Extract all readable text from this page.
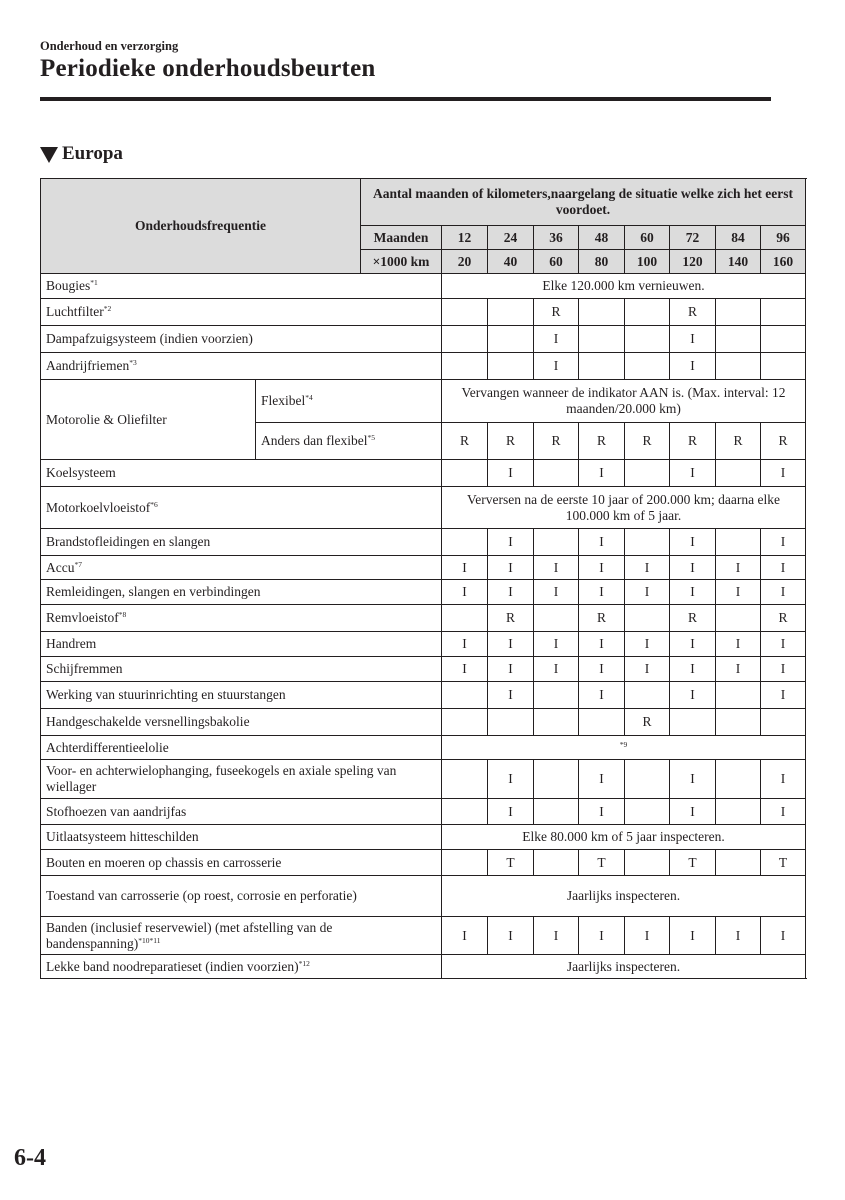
Onderhoud en verzorging
Periodieke onderhoudsbeurten
Europa
Onderhoudsfrequentie		Aantal maanden of kilometers,naargelang de situatie welke zich het eerst voordoet.									
		Maanden	12	24	36	48	60	72	84	96	
		×1000 km	20	40	60	80	100	120	140	160	
Bougies$^{*1}$			Elke 120.000 km vernieuwen.								
Luchtfilter$^{*2}$					R			R			
Dampafzuigsysteem (indien voorzien)					I			I			
Aandrijfriemen$^{*3}$					I			I			
Motorolie & Oliefilter	Flexibel$^{*4}$		Vervangen wanneer de indikator AAN is. (Max. interval: 12 maanden/20.000 km)								
	Anders dan flexibel$^{*5}$		R	R	R	R	R	R	R	R	
Koelsysteem				I		I		I		I	
Motorkoelvloeistof$^{*6}$			Verversen na de eerste 10 jaar of 200.000 km; daarna elke 100.000 km of 5 jaar.								
Brandstofleidingen en slangen				I		I		I		I	
Accu$^{*7}$			I	I	I	I	I	I	I	I	
Remleidingen, slangen en verbindingen			I	I	I	I	I	I	I	I	
Remvloeistof$^{*8}$				R		R		R		R	
Handrem			I	I	I	I	I	I	I	I	
Schijfremmen			I	I	I	I	I	I	I	I	
Werking van stuurinrichting en stuurstangen				I		I		I		I	
Handgeschakelde versnellingsbakolie							R				
Achterdifferentieelolie			$^{*9}$
Voor- en achterwielophanging, fuseekogels en axiale speling van wiellager				I		I		I		I	
Stofhoezen van aandrijfas				I		I		I		I	
Uitlaatsysteem hitteschilden			Elke 80.000 km of 5 jaar inspecteren.								
Bouten en moeren op chassis en carrosserie				T		T		T		T	
Toestand van carrosserie (op roest, corrosie en perforatie)			Jaarlijks inspecteren.								
Banden (inclusief reservewiel) (met afstelling van de bandenspanning)$^{*10*11}$			I	I	I	I	I	I	I	I	
Lekke band noodreparatieset (indien voorzien)$^{*12}$			Jaarlijks inspecteren.								
6-4
